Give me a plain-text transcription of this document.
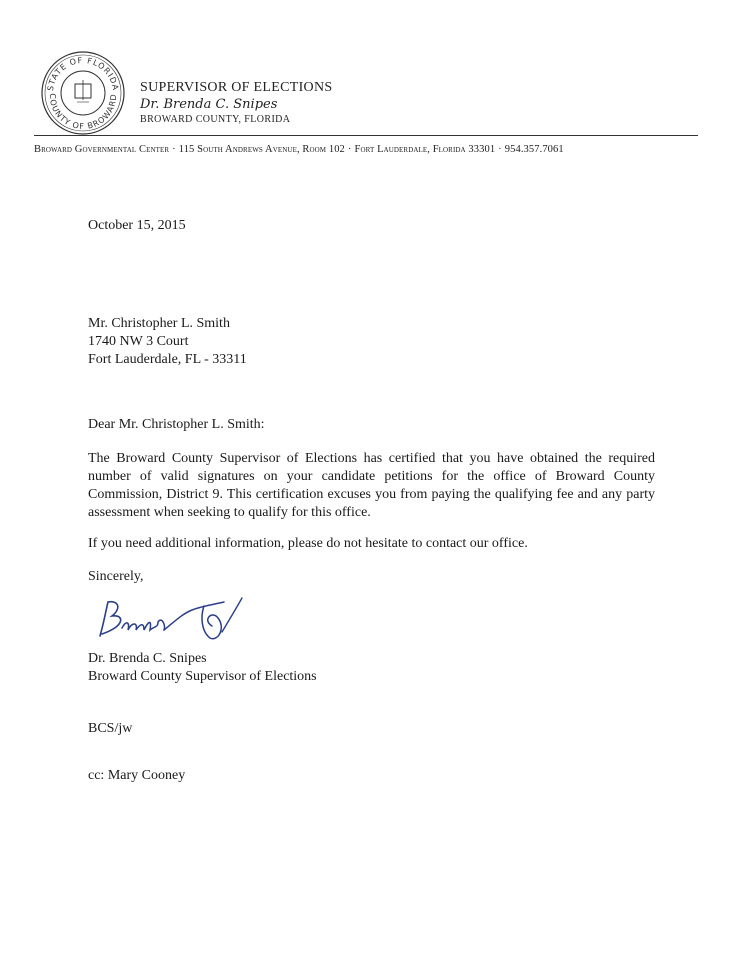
STATE OF FLORIDA
COUNTY OF BROWARD
SUPERVISOR OF ELECTIONS
Dr. Brenda C. Snipes
BROWARD COUNTY, FLORIDA
Broward Governmental Center · 115 South Andrews Avenue, Room 102 · Fort Lauderdale, Florida 33301 · 954.357.7061
October 15, 2015
Mr. Christopher L. Smith
1740 NW 3 Court
Fort Lauderdale, FL - 33311
Dear Mr. Christopher L. Smith:
The Broward County Supervisor of Elections has certified that you have obtained the required number of valid signatures on your candidate petitions for the office of Broward County Commission, District 9. This certification excuses you from paying the qualifying fee and any party assessment when seeking to qualify for this office.
If you need additional information, please do not hesitate to contact our office.
Sincerely,
Dr. Brenda C. Snipes
Broward County Supervisor of Elections
BCS/jw
cc: Mary Cooney
